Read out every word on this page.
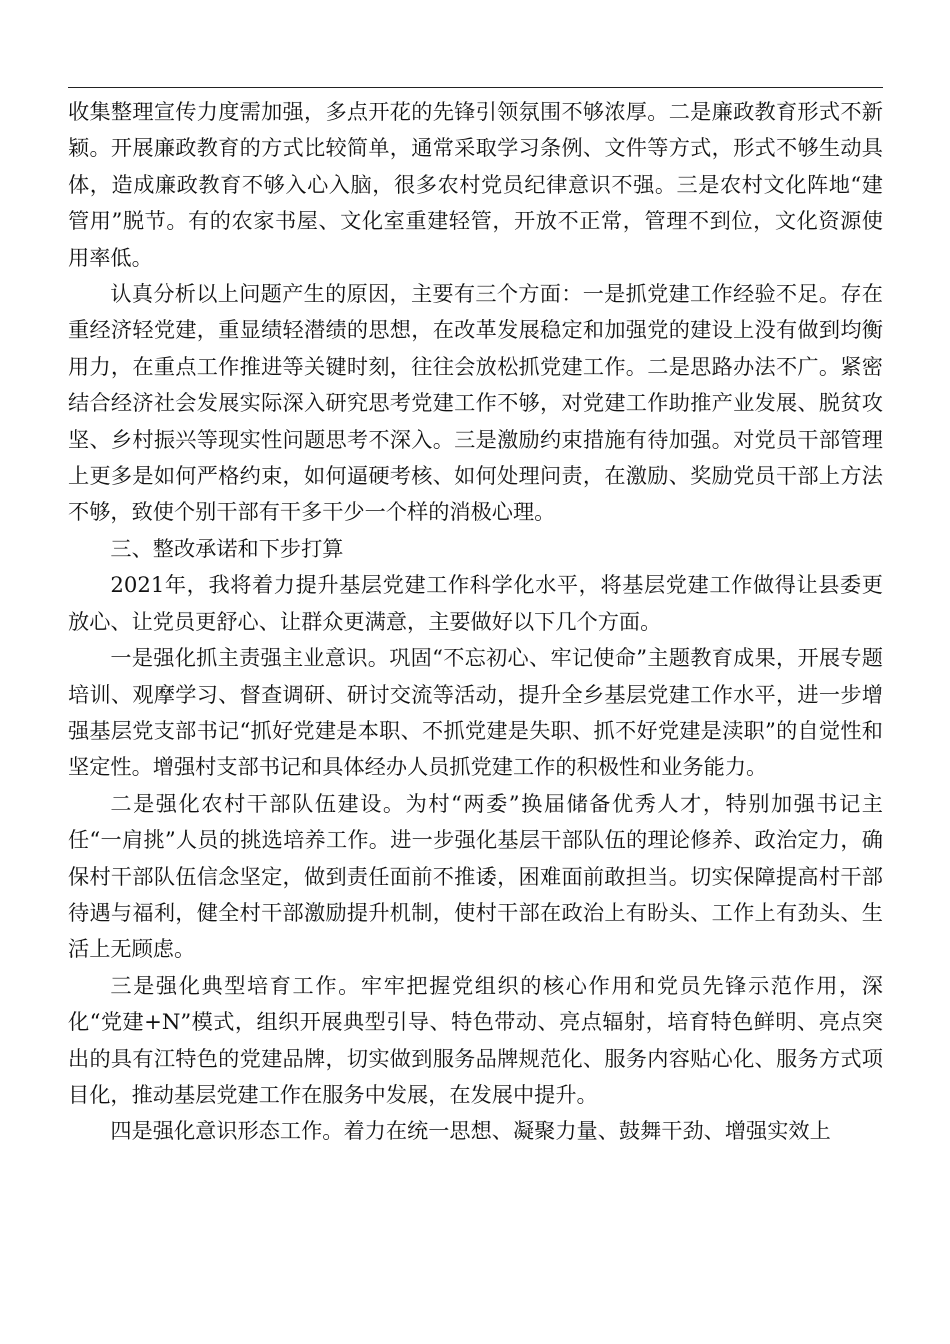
收集整理宣传力度需加强，多点开花的先锋引领氛围不够浓厚。二是廉政教育形式不新颖。开展廉政教育的方式比较简单，通常采取学习条例、文件等方式，形式不够生动具体，造成廉政教育不够入心入脑，很多农村党员纪律意识不强。三是农村文化阵地“建管用”脱节。有的农家书屋、文化室重建轻管，开放不正常，管理不到位，文化资源使用率低。

认真分析以上问题产生的原因，主要有三个方面：一是抓党建工作经验不足。存在重经济轻党建，重显绩轻潜绩的思想，在改革发展稳定和加强党的建设上没有做到均衡用力，在重点工作推进等关键时刻，往往会放松抓党建工作。二是思路办法不广。紧密结合经济社会发展实际深入研究思考党建工作不够，对党建工作助推产业发展、脱贫攻坚、乡村振兴等现实性问题思考不深入。三是激励约束措施有待加强。对党员干部管理上更多是如何严格约束，如何逼硬考核、如何处理问责，在激励、奖励党员干部上方法不够，致使个别干部有干多干少一个样的消极心理。

三、整改承诺和下步打算

2021年，我将着力提升基层党建工作科学化水平，将基层党建工作做得让县委更放心、让党员更舒心、让群众更满意，主要做好以下几个方面。

一是强化抓主责强主业意识。巩固“不忘初心、牢记使命”主题教育成果，开展专题培训、观摩学习、督查调研、研讨交流等活动，提升全乡基层党建工作水平，进一步增强基层党支部书记“抓好党建是本职、不抓党建是失职、抓不好党建是渎职”的自觉性和坚定性。增强村支部书记和具体经办人员抓党建工作的积极性和业务能力。

二是强化农村干部队伍建设。为村“两委”换届储备优秀人才，特别加强书记主任“一肩挑”人员的挑选培养工作。进一步强化基层干部队伍的理论修养、政治定力，确保村干部队伍信念坚定，做到责任面前不推诿，困难面前敢担当。切实保障提高村干部待遇与福利，健全村干部激励提升机制，使村干部在政治上有盼头、工作上有劲头、生活上无顾虑。

三是强化典型培育工作。牢牢把握党组织的核心作用和党员先锋示范作用，深化“党建+N”模式，组织开展典型引导、特色带动、亮点辐射，培育特色鲜明、亮点突出的具有江特色的党建品牌，切实做到服务品牌规范化、服务内容贴心化、服务方式项目化，推动基层党建工作在服务中发展，在发展中提升。

四是强化意识形态工作。着力在统一思想、凝聚力量、鼓舞干劲、增强实效上
